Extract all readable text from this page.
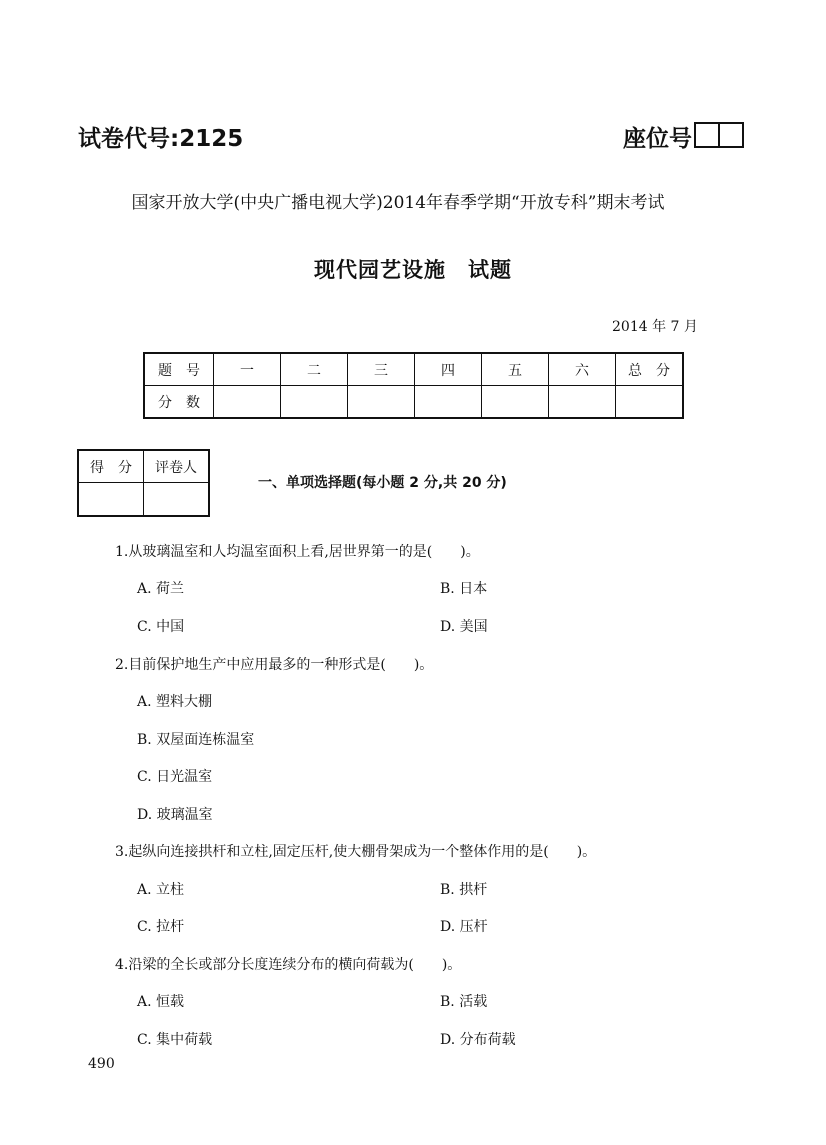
试卷代号:2125	座位号
国家开放大学(中央广播电视大学)2014年春季学期“开放专科”期末考试
现代园艺设施　试题
2014 年 7 月
题　号	一	二	三	四	五	六	总　分
分　数							
得　分	评卷人

一、单项选择题(每小题 2 分,共 20 分)
1.从玻璃温室和人均温室面积上看,居世界第一的是(　　)。
A. 荷兰	B. 日本
C. 中国	D. 美国
2.目前保护地生产中应用最多的一种形式是(　　)。
A. 塑料大棚
B. 双屋面连栋温室
C. 日光温室
D. 玻璃温室
3.起纵向连接拱杆和立柱,固定压杆,使大棚骨架成为一个整体作用的是(　　)。
A. 立柱	B. 拱杆
C. 拉杆	D. 压杆
4.沿梁的全长或部分长度连续分布的横向荷载为(　　)。
A. 恒载	B. 活载
C. 集中荷载	D. 分布荷载
490
